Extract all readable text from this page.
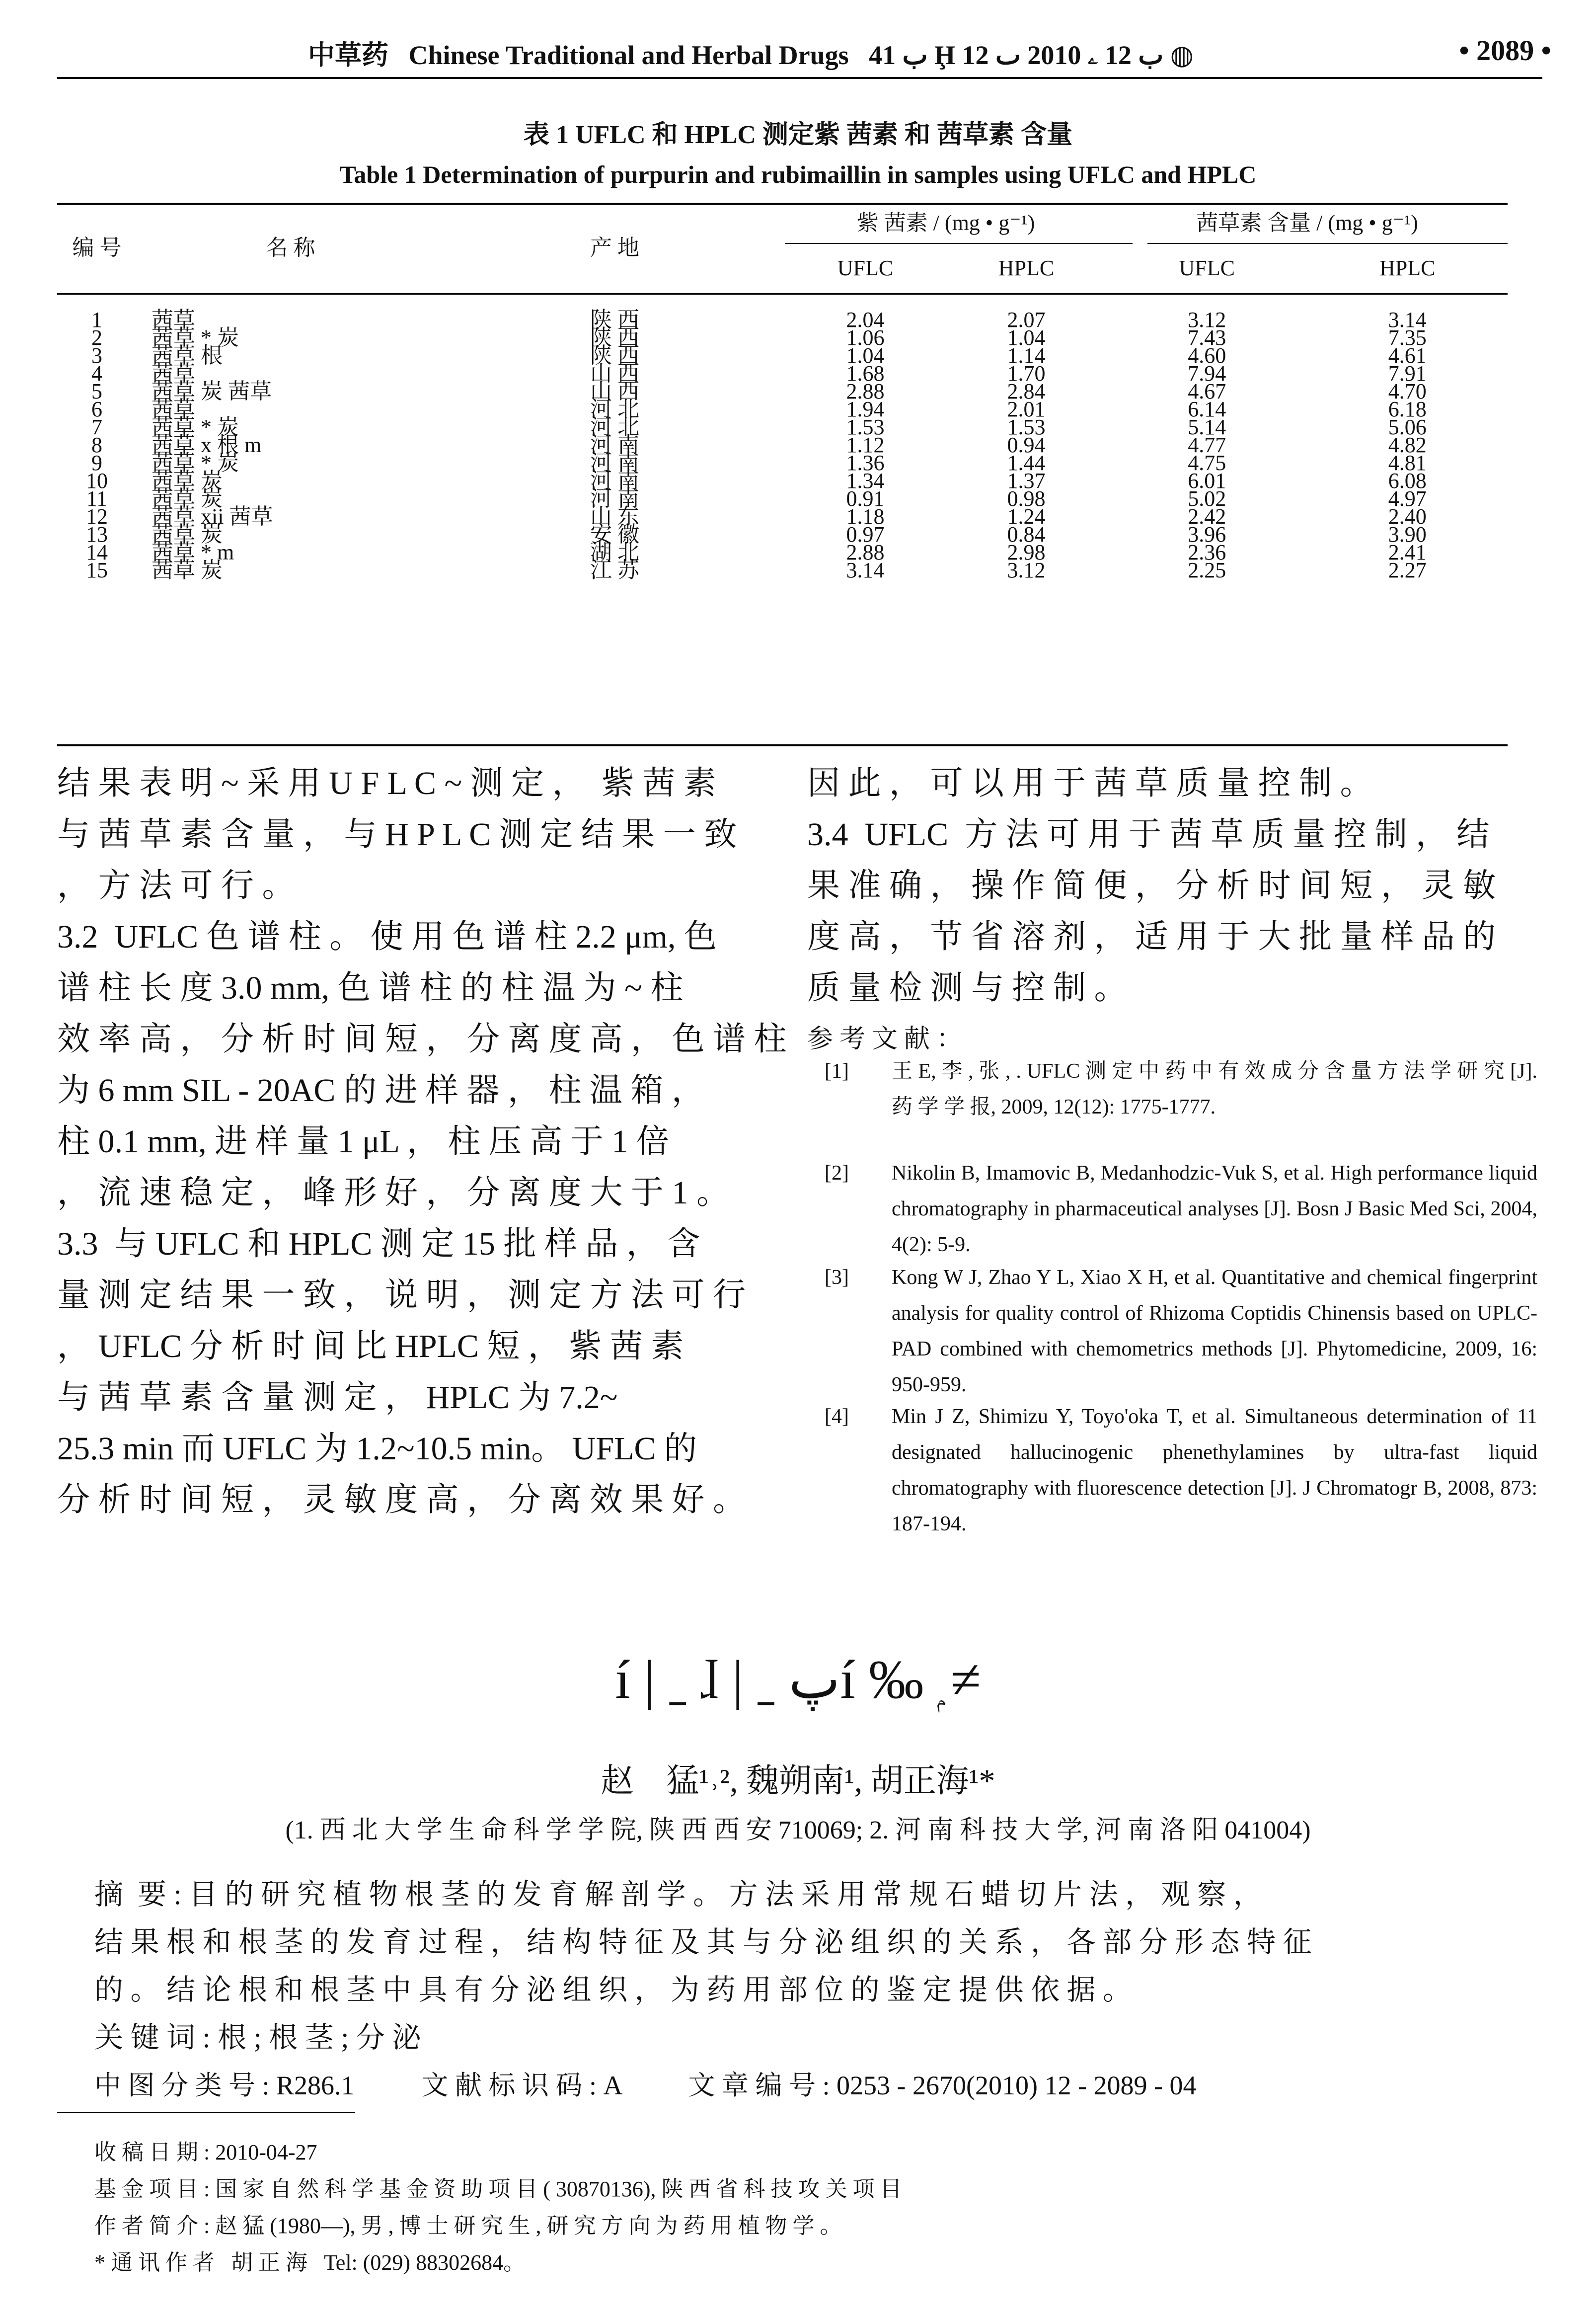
中草药 Chinese Traditional and Herbal Drugs ب 41 Ḩ ب 12 ۦ 2010 ٮ 12 ◍	• 2089 •
表 1 UFLC 和 HPLC 测定紫 茜素 和 茜草素 含量
Table 1 Determination of purpurin and rubimaillin in samples using UFLC and HPLC
编 号	名 称	产 地	紫 茜素 / (mg • g⁻¹)		茜草素 含量 / (mg • g⁻¹)	
			UFLC	HPLC	UFLC	HPLC

1	茜草	陕 西	2.04	2.07	3.12	3.14
2	茜草 * 炭	陕 西	1.06	1.04	7.43	7.35
3	茜草 根	陕 西	1.04	1.14	4.60	4.61
4	茜草	山 西	1.68	1.70	7.94	7.91
5	茜草 炭 茜草	山 西	2.88	2.84	4.67	4.70
6	茜草	河 北	1.94	2.01	6.14	6.18
7	茜草 * 炭	河 北	1.53	1.53	5.14	5.06
8	茜草 x 根 m	河 南	1.12	0.94	4.77	4.82
9	茜草 * 炭	河 南	1.36	1.44	4.75	4.81
10	茜草 炭	河 南	1.34	1.37	6.01	6.08
11	茜草 炭	河 南	0.91	0.98	5.02	4.97
12	茜草 xii 茜草	山 东	1.18	1.24	2.42	2.40
13	茜草 炭	安 徽	0.97	0.84	3.96	3.90
14	茜草 * m	湖 北	2.88	2.98	2.36	2.41
15	茜草 炭	江 苏	3.14	3.12	2.25	2.27
结 果 表 明 ~ 采 用 U F L C ~ 测 定 ，  紫 茜 素
与 茜 草 素 含 量 ， 与 H P L C 测 定 结 果 一 致
， 方 法 可 行 。
3.2  UFLC 色 谱 柱 。 使 用 色 谱 柱 2.2 μm, 色
谱 柱 长 度 3.0 mm, 色 谱 柱 的 柱 温 为 ~ 柱
效 率 高 ， 分 析 时 间 短 ， 分 离 度 高 ， 色 谱 柱
为 6 mm SIL - 20AC 的 进 样 器 ， 柱 温 箱 ，
柱 0.1 mm, 进 样 量 1 μL ， 柱 压 高 于 1 倍
， 流 速 稳 定 ， 峰 形 好 ， 分 离 度 大 于 1 。
3.3  与 UFLC 和 HPLC 测 定 15 批 样 品 ， 含
量 测 定 结 果 一 致 ， 说 明 ， 测 定 方 法 可 行
， UFLC 分 析 时 间 比 HPLC 短 ， 紫 茜 素
与 茜 草 素 含 量 测 定 ， HPLC 为 7.2~
25.3 min 而 UFLC 为 1.2~10.5 min。 UFLC 的
分 析 时 间 短 ， 灵 敏 度 高 ， 分 离 效 果 好 。
因 此 ， 可 以 用 于 茜 草 质 量 控 制 。
3.4  UFLC  方 法 可 用 于 茜 草 质 量 控 制 ， 结
果 准 确 ， 操 作 简 便 ， 分 析 时 间 短 ， 灵 敏
度 高 ， 节 省 溶 剂 ， 适 用 于 大 批 量 样 品 的
质 量 检 测 与 控 制 。
参 考 文 献 ：
[1] 王 E, 李 , 张 , . UFLC 测 定 中 药 中 有 效 成 分 含 量 方 法 学 研 究 [J]. 药 学 学 报, 2009, 12(12): 1775-1777.
[2] Nikolin B, Imamovic B, Medanhodzic-Vuk S, et al. High performance liquid chromatography in pharmaceutical analyses [J]. Bosn J Basic Med Sci, 2004, 4(2): 5-9.
[3] Kong W J, Zhao Y L, Xiao X H, et al. Quantitative and chemical fingerprint analysis for quality control of Rhizoma Coptidis Chinensis based on UPLC-PAD combined with chemometrics methods [J]. Phytomedicine, 2009, 16: 950-959.
[4] Min J Z, Shimizu Y, Toyo'oka T, et al. Simultaneous determination of 11 designated hallucinogenic phenethylamines by ultra-fast liquid chromatography with fluorescence detection [J]. J Chromatogr B, 2008, 873: 187-194.
í | ˍ ɺ | ˍ پí ‰ ۭ ≠
赵　猛¹˒², 魏朔南¹, 胡正海¹*
(1. 西 北 大 学 生 命 科 学 学 院, 陕 西 西 安 710069; 2. 河 南 科 技 大 学, 河 南 洛 阳 041004)
摘  要 : 目 的 研 究 植 物 根 茎 的 发 育 解 剖 学 。 方 法 采 用 常 规 石 蜡 切 片 法 ， 观 察 ，
结 果 根 和 根 茎 的 发 育 过 程 ， 结 构 特 征 及 其 与 分 泌 组 织 的 关 系 ， 各 部 分 形 态 特 征
的 。 结 论 根 和 根 茎 中 具 有 分 泌 组 织 ， 为 药 用 部 位 的 鉴 定 提 供 依 据 。
关 键 词 : 根 ; 根 茎 ; 分 泌
中 图 分 类 号 : R286.1          文 献 标 识 码 : A          文 章 编 号 : 0253 - 2670(2010) 12 - 2089 - 04
收 稿 日 期 : 2010-04-27
基 金 项 目 : 国 家 自 然 科 学 基 金 资 助 项 目 ( 30870136), 陕 西 省 科 技 攻 关 项 目
作 者 简 介 : 赵 猛 (1980—), 男 , 博 士 研 究 生 , 研 究 方 向 为 药 用 植 物 学 。
* 通 讯 作 者   胡 正 海   Tel: (029) 88302684。
